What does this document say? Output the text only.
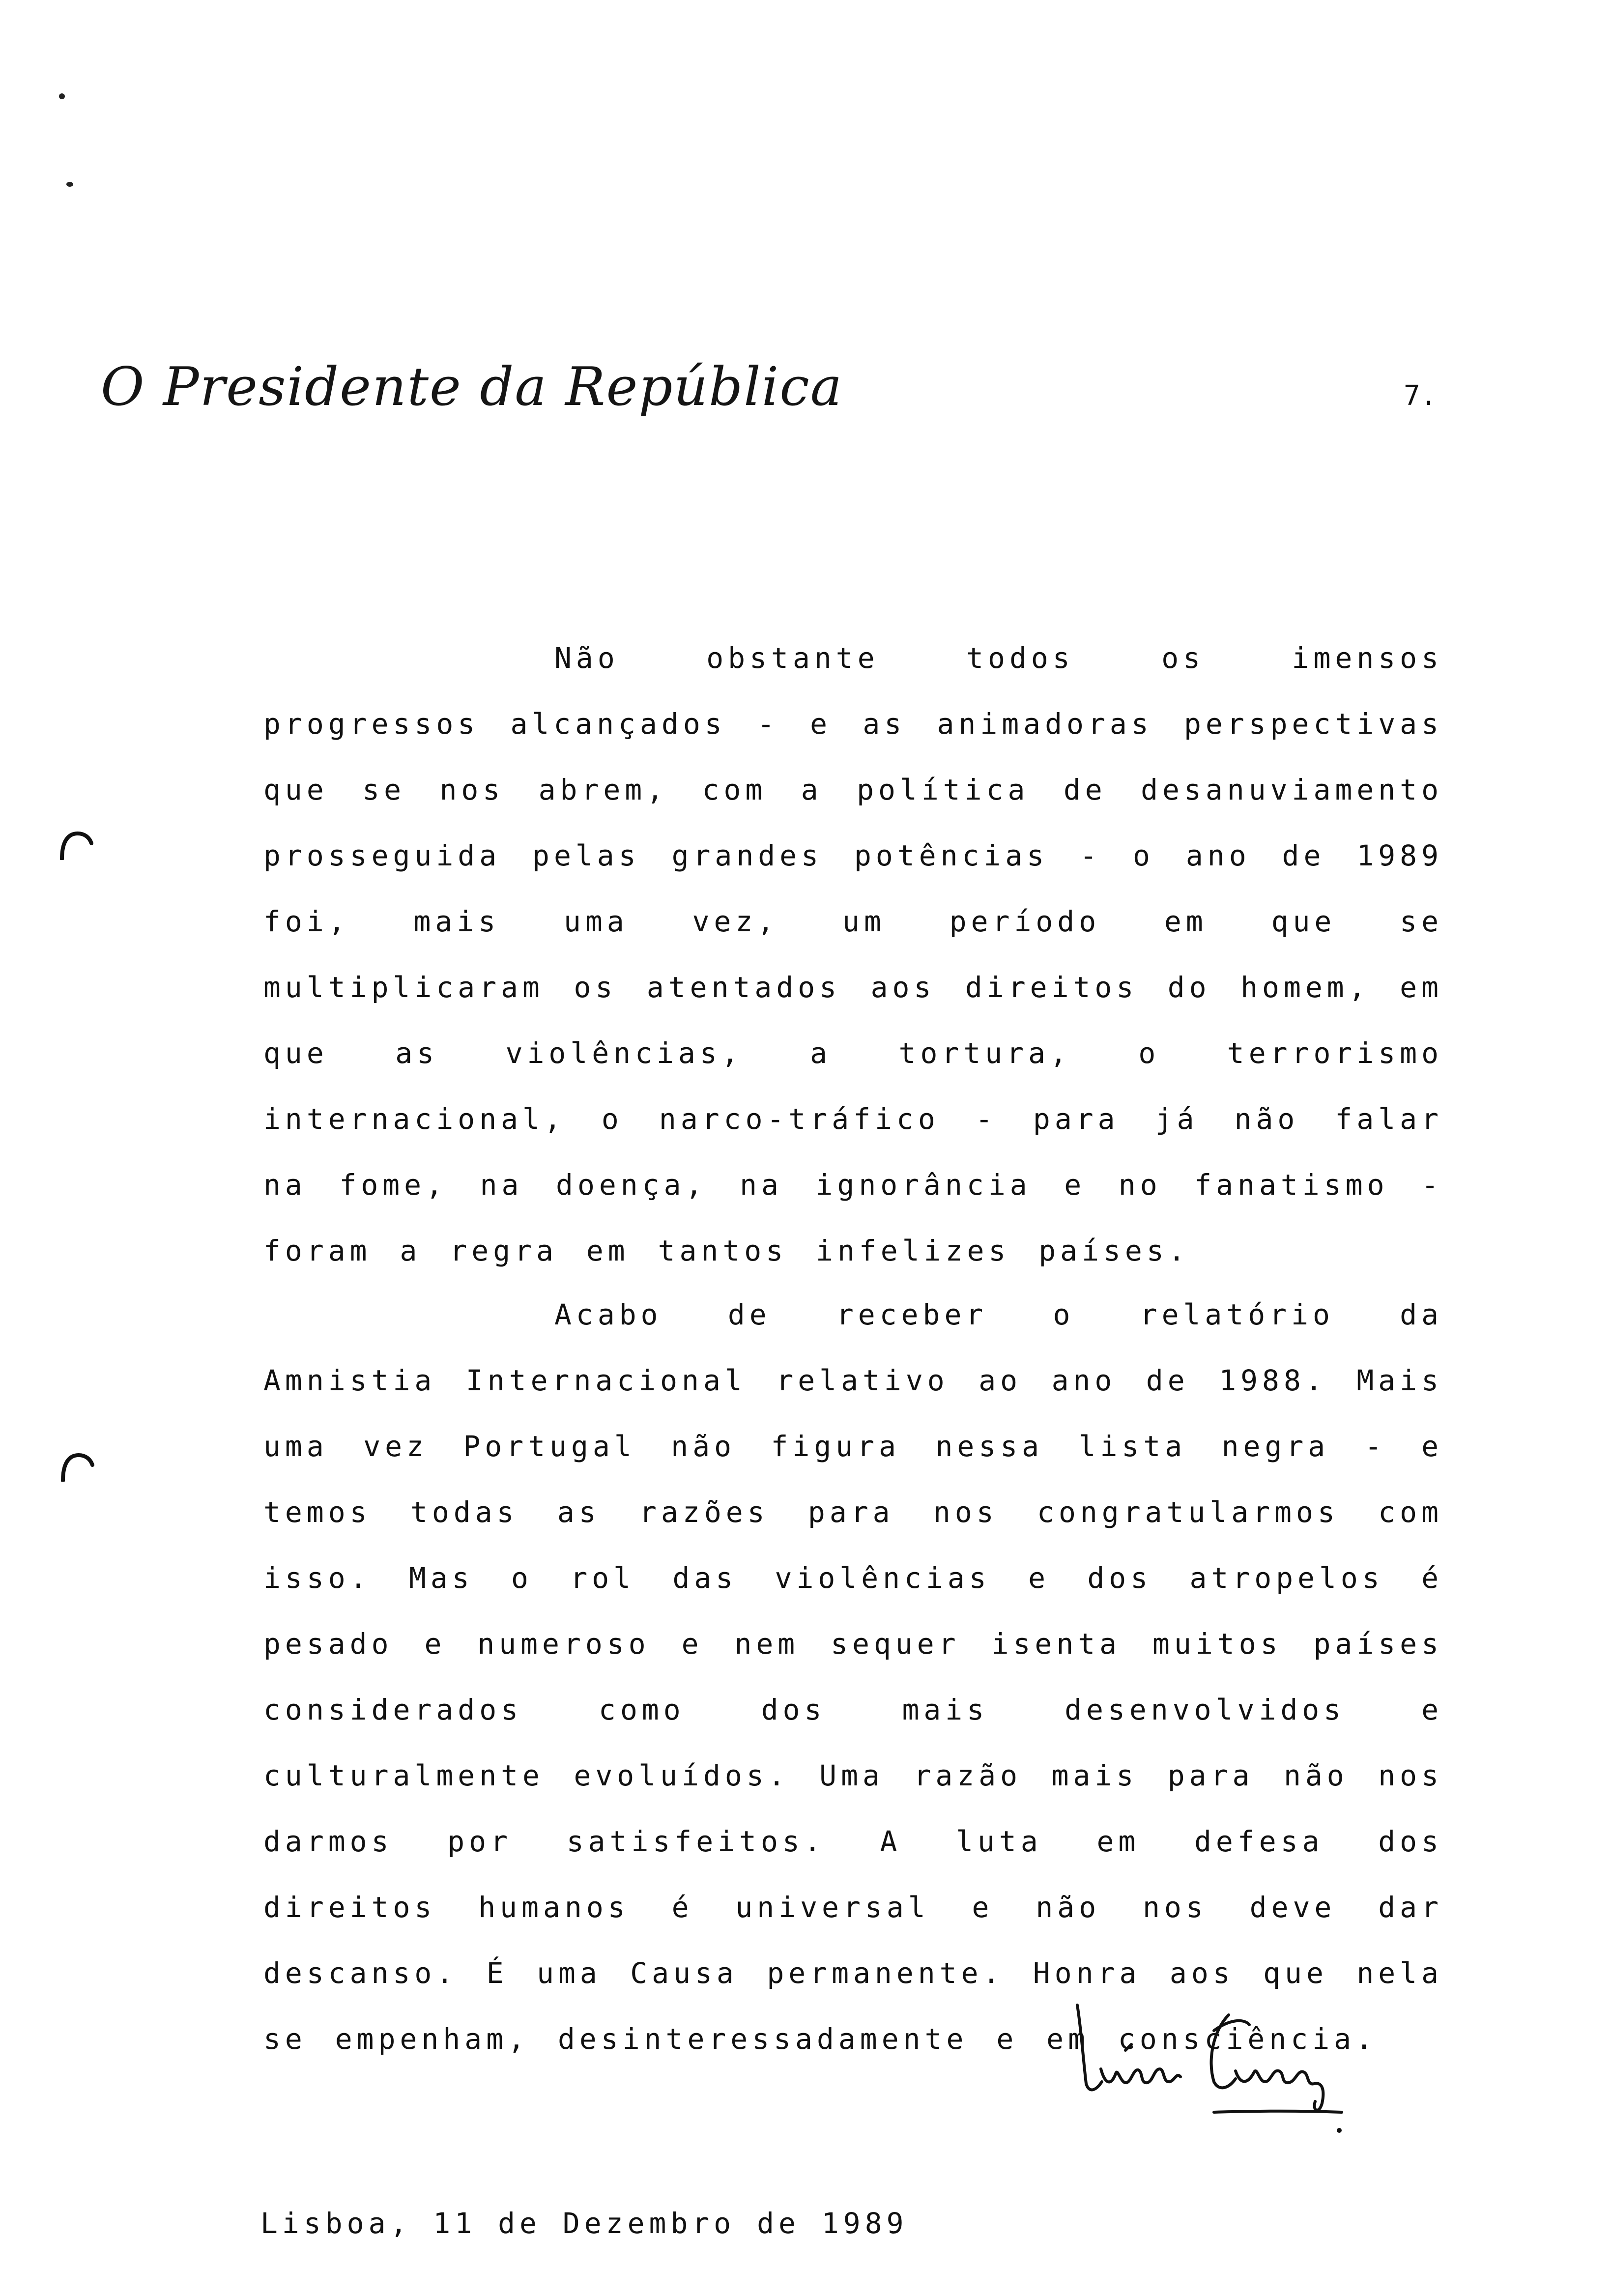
O Presidente da República	7.

Não obstante todos os imensos progressos alcançados - e as animadoras perspectivas que se nos abrem, com a política de desanuviamento prosseguida pelas grandes potências - o ano de 1989 foi, mais uma vez, um período em que se multiplicaram os atentados aos direitos do homem, em que as violências, a tortura, o terrorismo internacional, o narco-tráfico - para já não falar na fome, na doença, na ignorância e no fanatismo - foram a regra em tantos infelizes países.

Acabo de receber o relatório da Amnistia Internacional relativo ao ano de 1988. Mais uma vez Portugal não figura nessa lista negra - e temos todas as razões para nos congratularmos com isso. Mas o rol das violências e dos atropelos é pesado e numeroso e nem sequer isenta muitos países considerados como dos mais desenvolvidos e culturalmente evoluídos. Uma razão mais para não nos darmos por satisfeitos. A luta em defesa dos direitos humanos é universal e não nos deve dar descanso. É uma Causa permanente. Honra aos que nela se empenham, desinteressadamente e em consciência.

Lisboa, 11 de Dezembro de 1989
